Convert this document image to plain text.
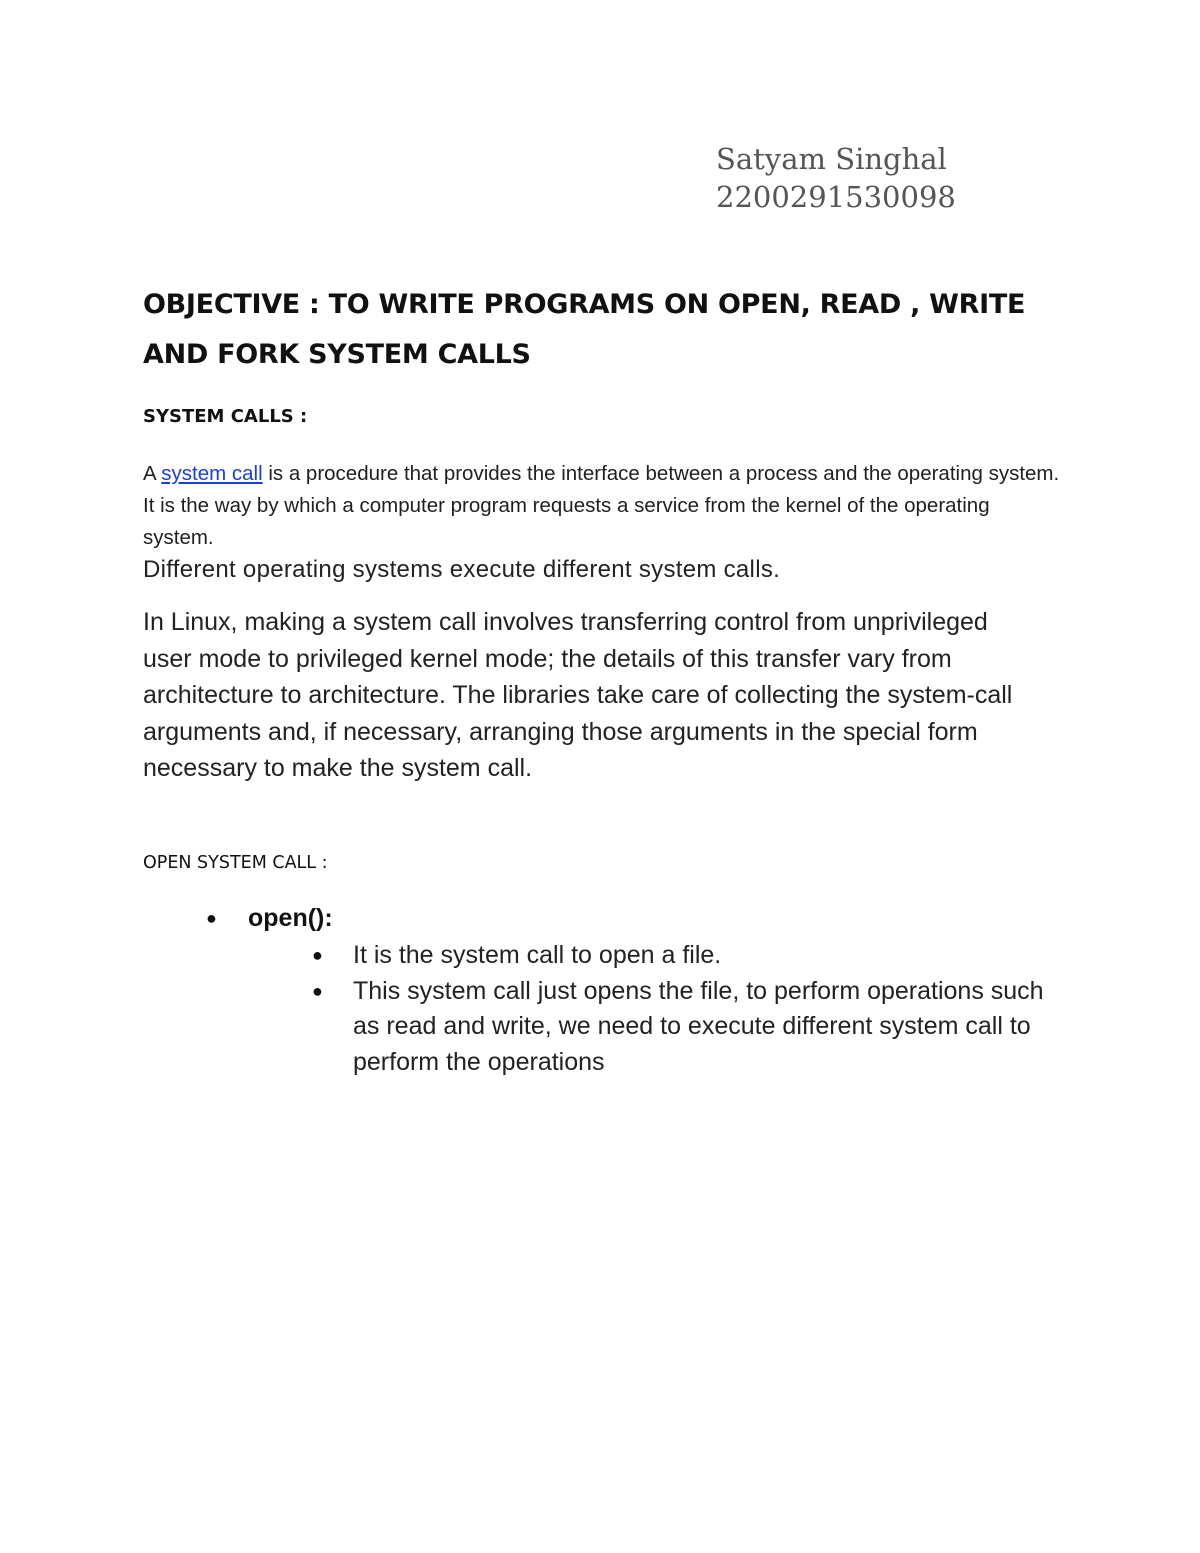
Satyam Singhal
2200291530098
OBJECTIVE : TO WRITE PROGRAMS ON OPEN, READ , WRITE AND FORK SYSTEM CALLS
SYSTEM CALLS :

A system call is a procedure that provides the interface between a process and the operating system. It is the way by which a computer program requests a service from the kernel of the operating system.

Different operating systems execute different system calls.

In Linux, making a system call involves transferring control from unprivileged user mode to privileged kernel mode; the details of this transfer vary from architecture to architecture. The libraries take care of collecting the system-call arguments and, if necessary, arranging those arguments in the special form necessary to make the system call.

OPEN SYSTEM CALL :
● open():
● It is the system call to open a file.
● This system call just opens the file, to perform operations such as read and write, we need to execute different system call to perform the operations
